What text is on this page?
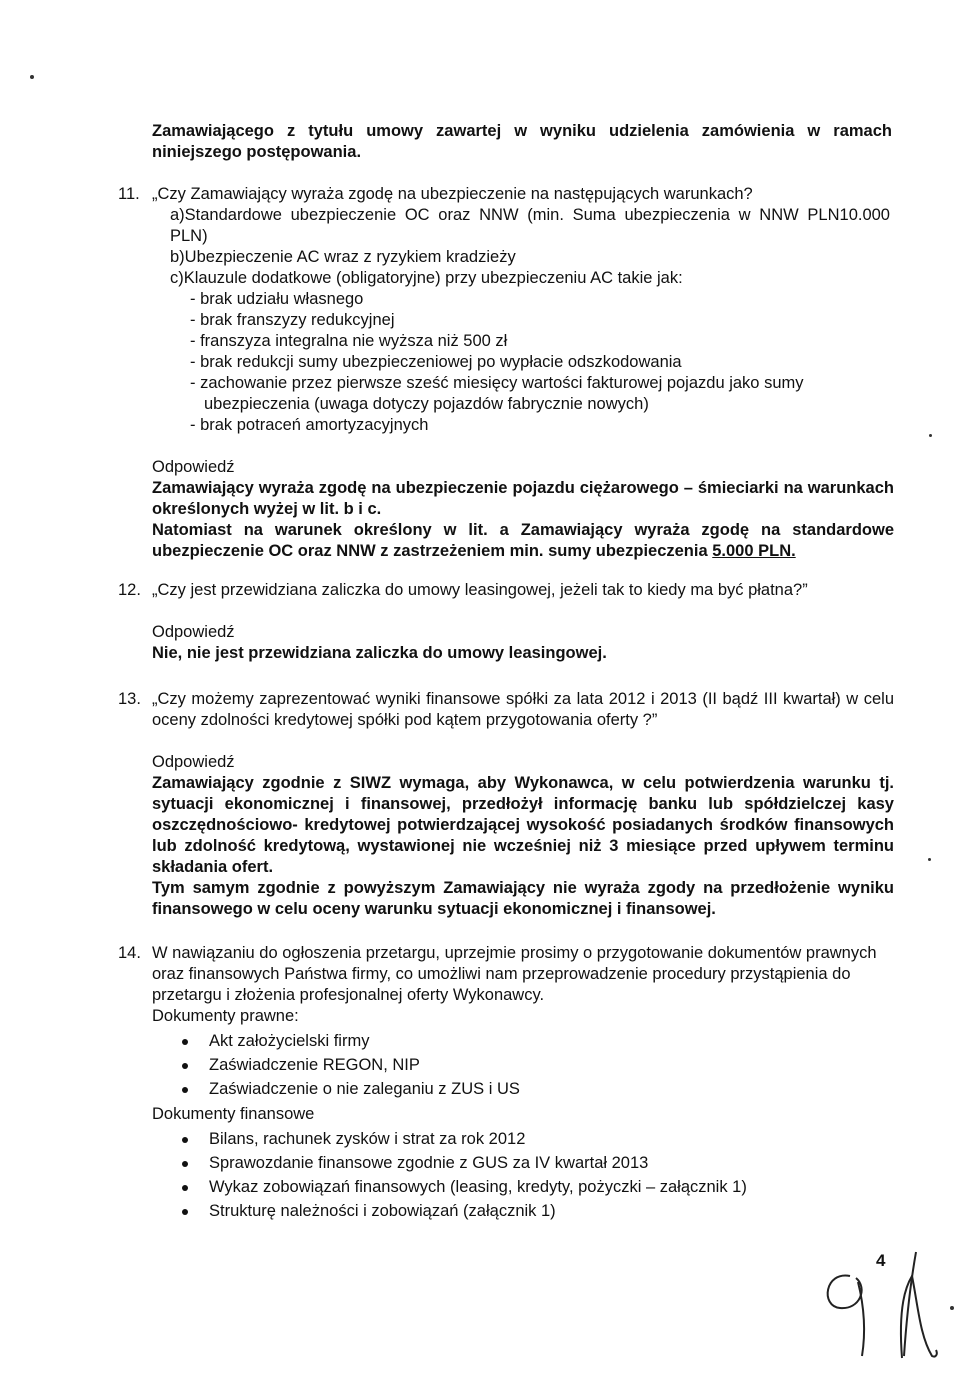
Zamawiającego z tytułu umowy zawartej w wyniku udzielenia zamówienia w ramach niniejszego postępowania.

11. „Czy Zamawiający wyraża zgodę na ubezpieczenie na następujących warunkach?

a)Standardowe ubezpieczenie OC oraz NNW (min. Suma ubezpieczenia w NNW PLN10.000 PLN)
b)Ubezpieczenie AC wraz z ryzykiem kradzieży
c)Klauzule dodatkowe (obligatoryjne) przy ubezpieczeniu AC takie jak:
- brak udziału własnego
- brak franszyzy redukcyjnej
- franszyza integralna nie wyższa niż 500 zł
- brak redukcji sumy ubezpieczeniowej po wypłacie odszkodowania
- zachowanie przez pierwsze sześć miesięcy wartości fakturowej pojazdu jako sumy
ubezpieczenia (uwaga dotyczy pojazdów fabrycznie nowych)
- brak potraceń amortyzacyjnych

Odpowiedź

Zamawiający wyraża zgodę na ubezpieczenie pojazdu ciężarowego – śmieciarki na warunkach określonych wyżej w lit. b i c.

Natomiast na warunek określony w lit. a Zamawiający wyraża zgodę na standardowe ubezpieczenie OC oraz NNW z zastrzeżeniem min. sumy ubezpieczenia 5.000 PLN.

12. „Czy jest przewidziana zaliczka do umowy leasingowej, jeżeli tak to kiedy ma być płatna?”

Odpowiedź

Nie, nie jest przewidziana zaliczka do umowy leasingowej.

13. „Czy możemy zaprezentować wyniki finansowe spółki za lata 2012 i 2013 (II bądź III kwartał) w celu oceny zdolności kredytowej spółki pod kątem przygotowania oferty ?”

Odpowiedź

Zamawiający zgodnie z SIWZ wymaga, aby Wykonawca, w celu potwierdzenia warunku tj. sytuacji ekonomicznej i finansowej, przedłożył informację banku lub spółdzielczej kasy oszczędnościowo- kredytowej potwierdzającej wysokość posiadanych środków finansowych lub zdolność kredytową, wystawionej nie wcześniej niż 3 miesiące przed upływem terminu składania ofert.

Tym samym zgodnie z powyższym Zamawiający nie wyraża zgody na przedłożenie wyniku finansowego w celu oceny warunku sytuacji ekonomicznej i finansowej.

14. W nawiązaniu do ogłoszenia przetargu, uprzejmie prosimy o przygotowanie dokumentów prawnych oraz finansowych Państwa firmy, co umożliwi nam przeprowadzenie procedury przystąpienia do przetargu i złożenia profesjonalnej oferty Wykonawcy.

Dokumenty prawne:

Akt założycielski firmy
Zaświadczenie REGON, NIP
Zaświadczenie o nie zaleganiu z ZUS i US

Dokumenty finansowe

Bilans, rachunek zysków i strat za rok 2012
Sprawozdanie finansowe zgodnie z GUS za IV kwartał 2013
Wykaz zobowiązań finansowych (leasing, kredyty, pożyczki – załącznik 1)
Strukturę należności i zobowiązań (załącznik 1)
4
